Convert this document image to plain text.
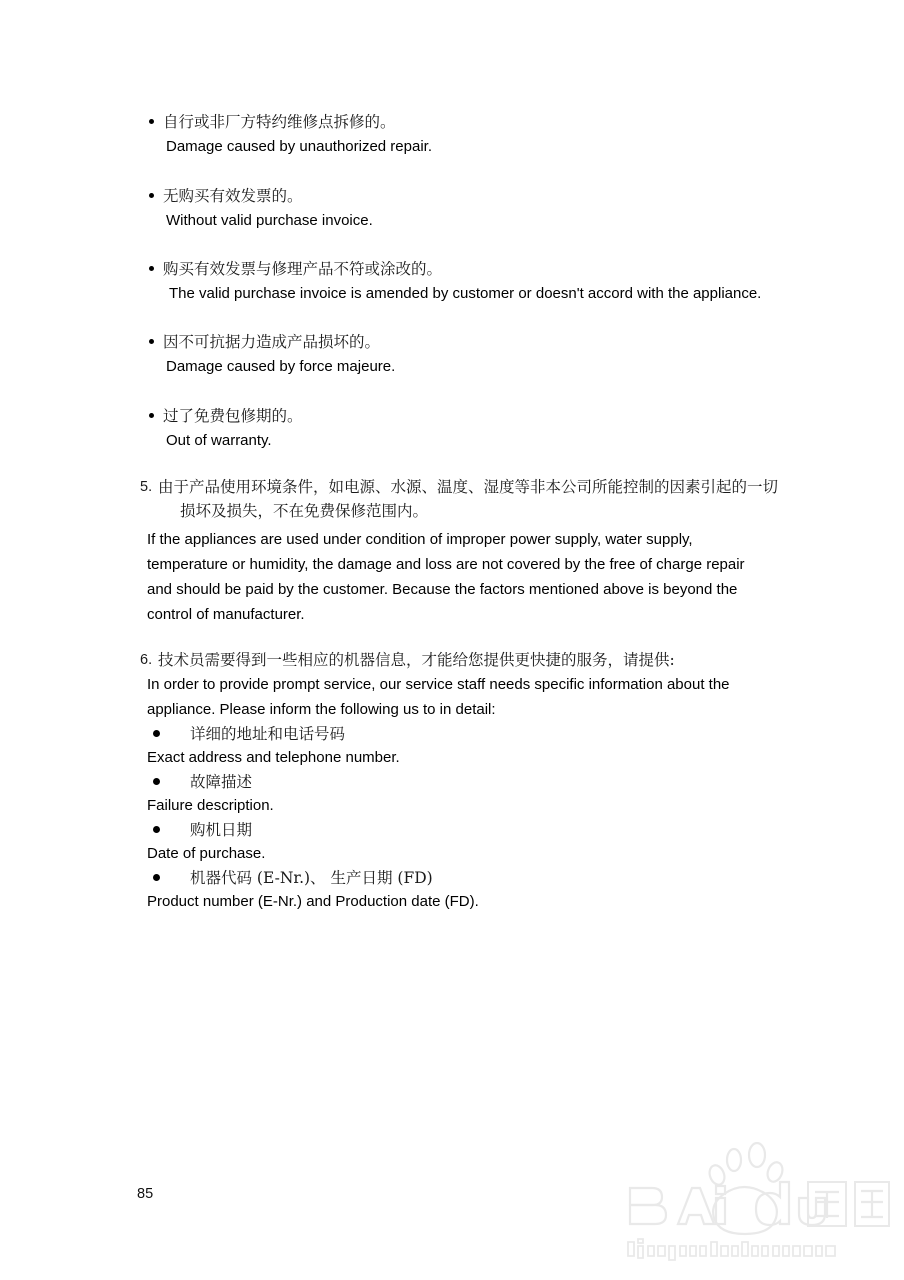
自行或非厂方特约维修点拆修的。
Damage caused by unauthorized repair.
无购买有效发票的。
Without valid purchase invoice.
购买有效发票与修理产品不符或涂改的。
The valid purchase invoice is amended by customer or doesn't accord with the appliance.
因不可抗据力造成产品损坏的。
Damage caused by force majeure.
过了免费包修期的。
Out of warranty.
5. 由于产品使用环境条件，如电源、水源、温度、湿度等非本公司所能控制的因素引起的一切
损坏及损失，不在免费保修范围内。
If the appliances are used under condition of improper power supply, water supply, temperature or humidity, the damage and loss are not covered by the free of charge repair and should be paid by the customer. Because the factors mentioned above is beyond the control of manufacturer.
6. 技术员需要得到一些相应的机器信息，才能给您提供更快捷的服务，请提供:
In order to provide prompt service, our service staff needs specific information about the appliance. Please inform the following us to in detail:
详细的地址和电话号码
Exact address and telephone number.
故障描述
Failure description.
购机日期
Date of purchase.
机器代码 (E-Nr.)、 生产日期 (FD)
Product number (E-Nr.) and Production date (FD).
85
